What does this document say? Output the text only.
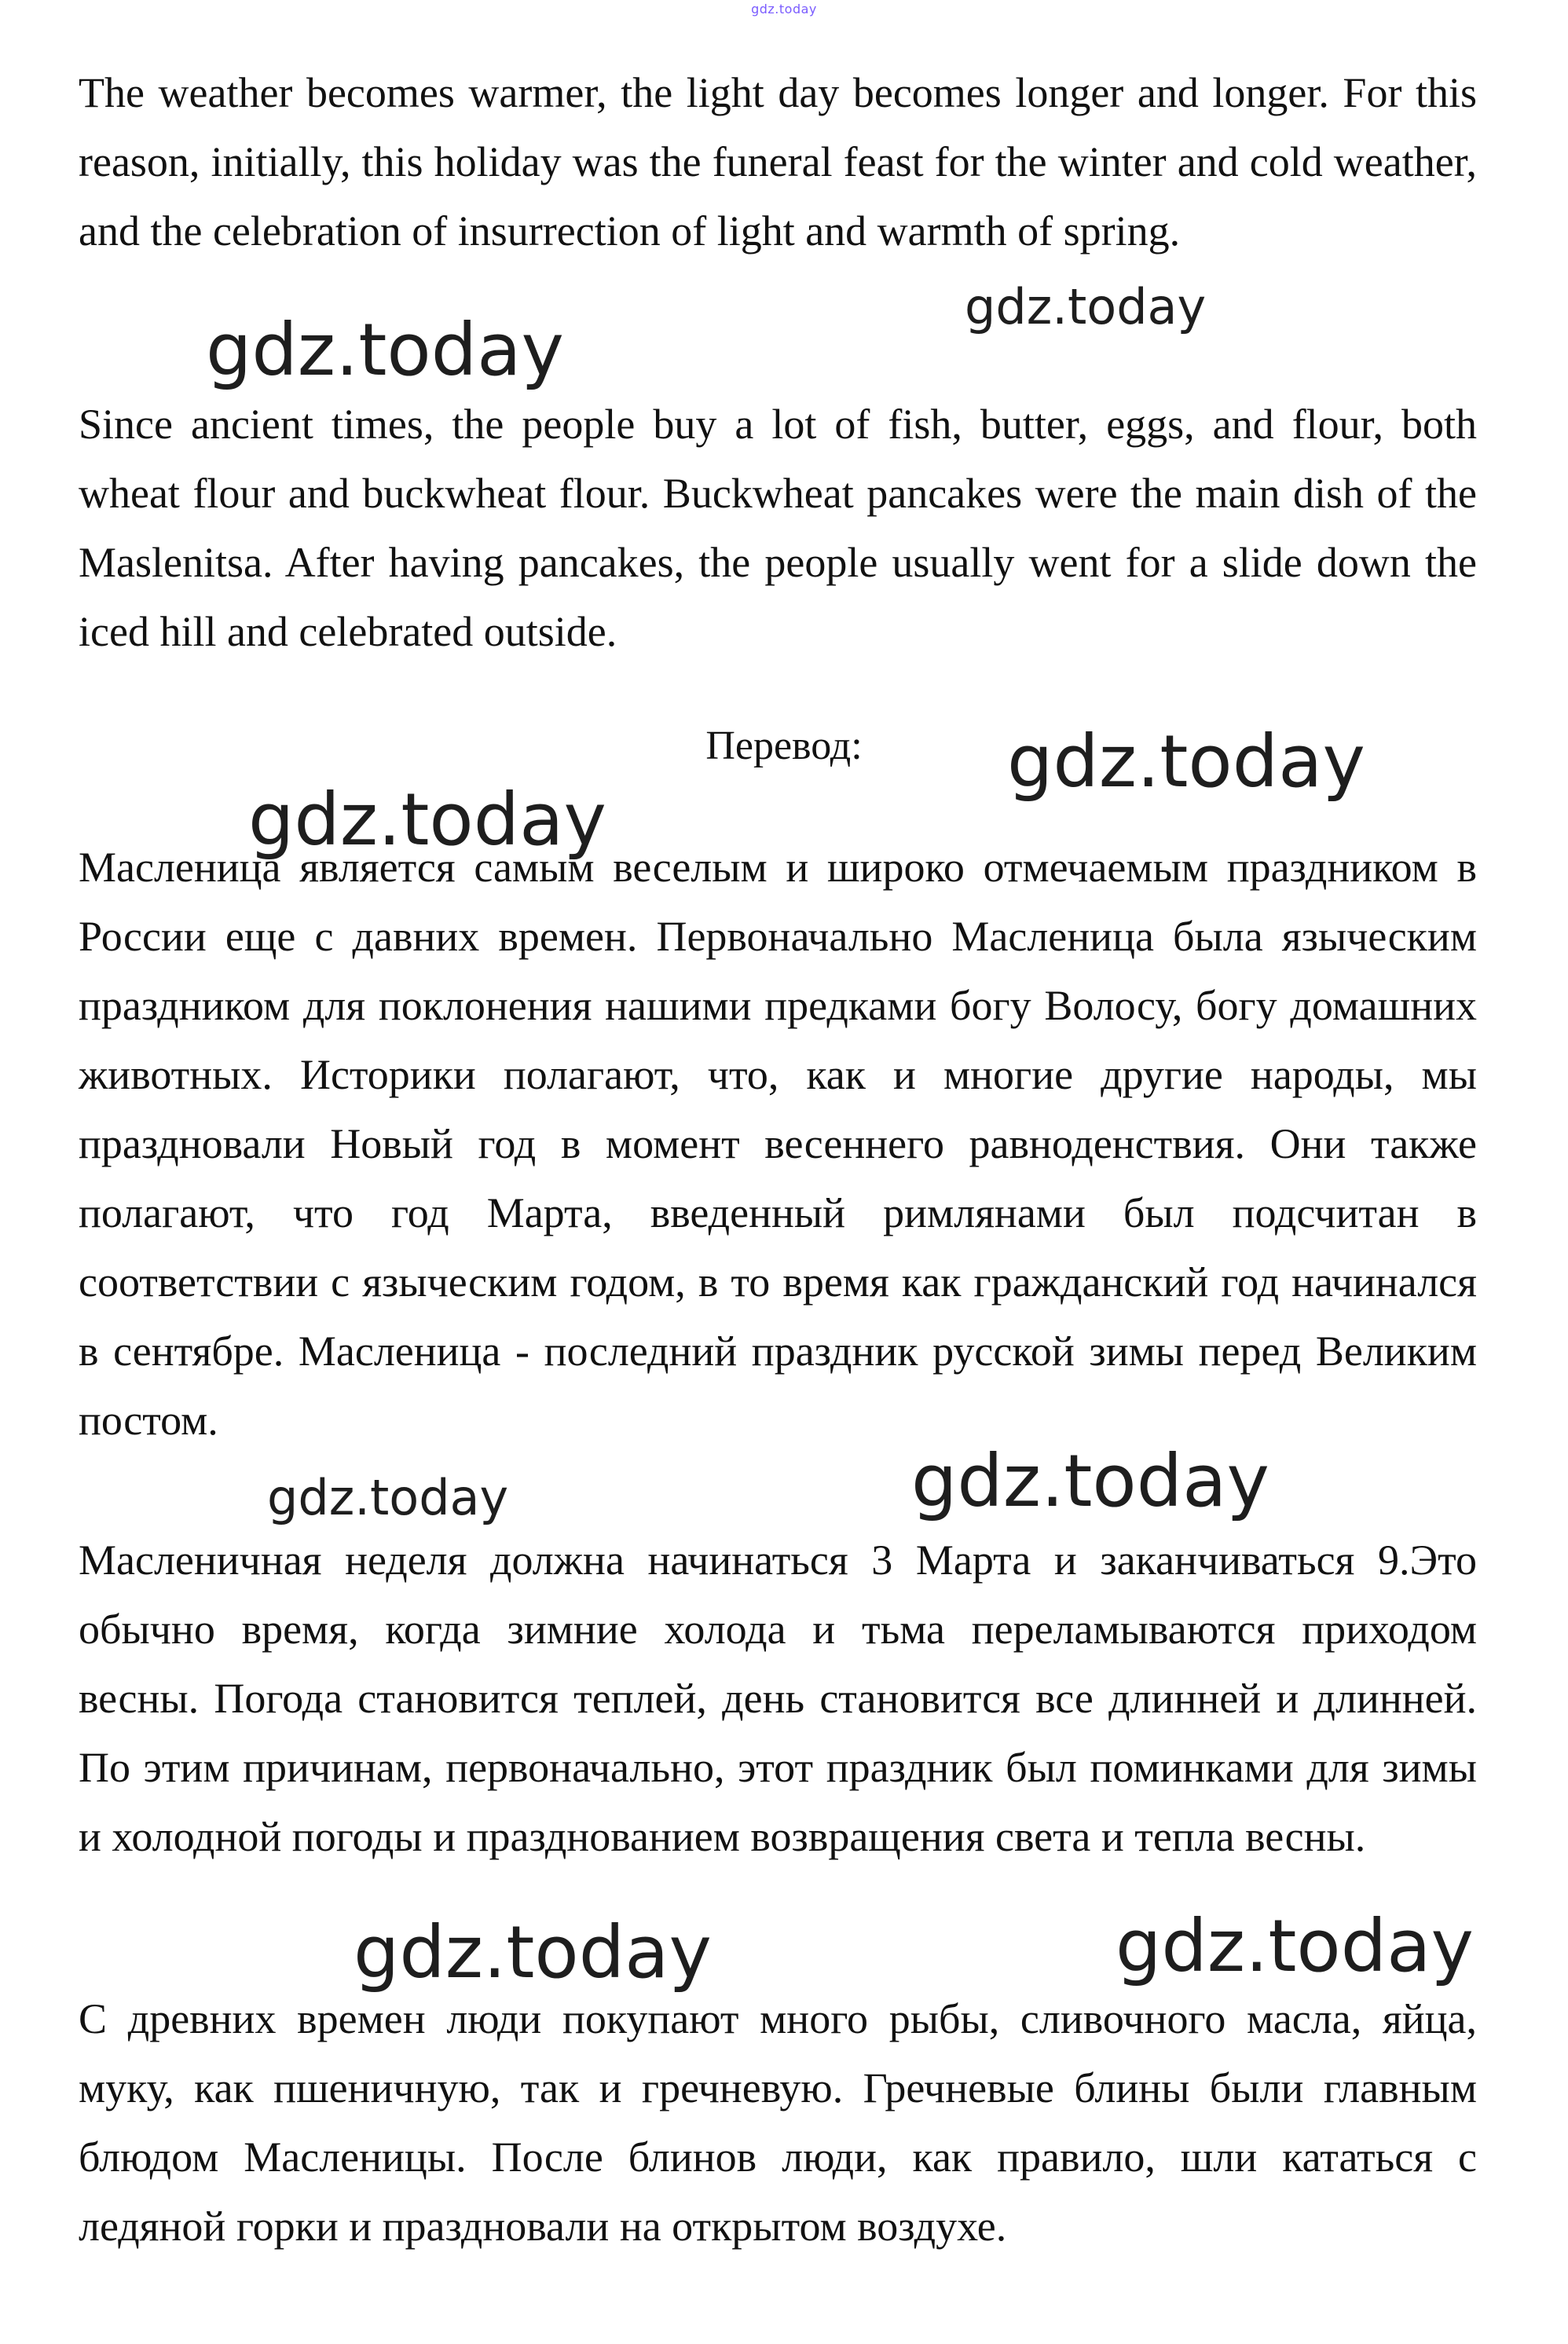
gdz.today

The weather becomes warmer, the light day becomes longer and longer. For this reason, initially, this holiday was the funeral feast for the winter and cold weather, and the celebration of insurrection of light and warmth of spring.

Since ancient times, the people buy a lot of fish, butter, eggs, and flour, both wheat flour and buckwheat flour. Buckwheat pancakes were the main dish of the Maslenitsa. After having pancakes, the people usually went for a slide down the iced hill and celebrated outside.

Перевод:

Масленица является самым веселым и широко отмечаемым праздником в России еще с давних времен. Первоначально Масленица была языческим праздником для поклонения нашими предками богу Волосу, богу домашних животных. Историки полагают, что, как и многие другие народы, мы праздновали Новый год в момент весеннего равноденствия. Они также полагают, что год Марта, введенный римлянами был подсчитан в соответствии с языческим годом, в то время как гражданский год начинался в сентябре. Масленица - последний праздник русской зимы перед Великим постом.

Масленичная неделя должна начинаться 3 Марта и заканчиваться 9.Это обычно время, когда зимние холода и тьма переламываются приходом весны. Погода становится теплей, день становится все длинней и длинней. По этим причинам, первоначально, этот праздник был поминками для зимы и холодной погоды и празднованием возвращения света и тепла весны.

С древних времен люди покупают много рыбы, сливочного масла, яйца, муку, как пшеничную, так и гречневую. Гречневые блины были главным блюдом Масленицы. После блинов люди, как правило, шли кататься с ледяной горки и праздновали на открытом воздухе.

gdz.today
gdz.today
gdz.today
gdz.today
gdz.today	gdz.today
gdz.today	gdz.today
